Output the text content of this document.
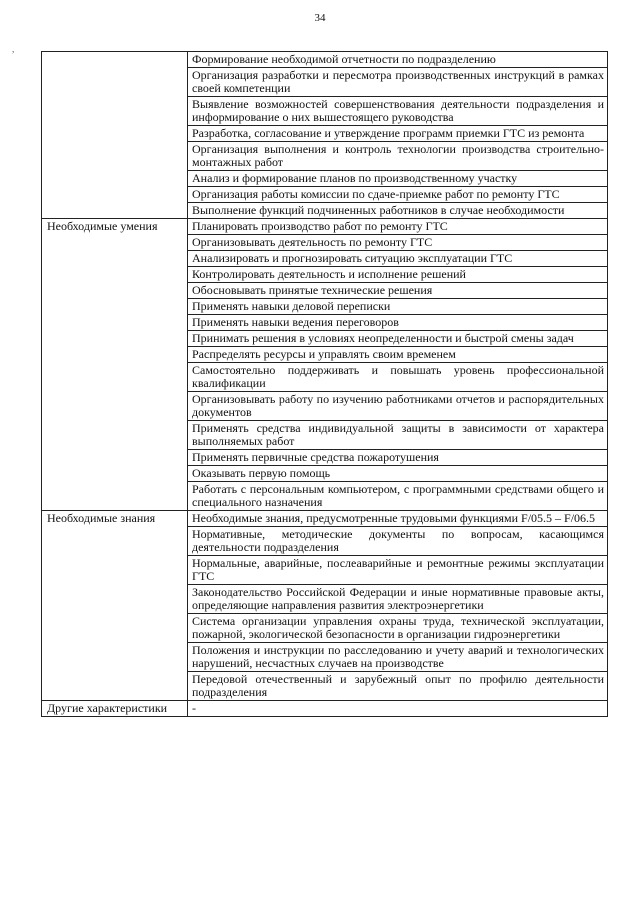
34
,
	Формирование необходимой отчетности по подразделению
	Организация разработки и пересмотра производственных инструкций в рамках своей компетенции
	Выявление возможностей совершенствования деятельности подразделения и информирование о них вышестоящего руководства
	Разработка, согласование и утверждение программ приемки ГТС из ремонта
	Организация выполнения и контроль технологии производства строительно-монтажных работ
	Анализ и формирование планов по производственному участку
	Организация работы комиссии по сдаче-приемке работ по ремонту ГТС
	Выполнение функций подчиненных работников в случае необходимости
Необходимые умения	Планировать производство работ по ремонту ГТС
	Организовывать деятельность по ремонту ГТС
	Анализировать и прогнозировать ситуацию эксплуатации ГТС
	Контролировать деятельность и исполнение решений
	Обосновывать принятые технические решения
	Применять навыки деловой переписки
	Применять навыки ведения переговоров
	Принимать решения в условиях неопределенности и быстрой смены задач
	Распределять ресурсы и управлять своим временем
	Самостоятельно поддерживать и повышать уровень профессиональной квалификации
	Организовывать работу по изучению работниками отчетов и распорядительных документов
	Применять средства индивидуальной защиты в зависимости от характера выполняемых работ
	Применять первичные средства пожаротушения
	Оказывать первую помощь
	Работать с персональным компьютером, с программными средствами общего и специального назначения
Необходимые знания	Необходимые знания, предусмотренные трудовыми функциями F/05.5 – F/06.5
	Нормативные, методические документы по вопросам, касающимся деятельности подразделения
	Нормальные, аварийные, послеаварийные и ремонтные режимы эксплуатации ГТС
	Законодательство Российской Федерации и иные нормативные правовые акты, определяющие направления развития электроэнергетики
	Система организации управления охраны труда, технической эксплуатации, пожарной, экологической безопасности в организации гидроэнергетики
	Положения и инструкции по расследованию и учету аварий и технологических нарушений, несчастных случаев на производстве
	Передовой отечественный и зарубежный опыт по профилю деятельности подразделения
Другие характеристики	-
